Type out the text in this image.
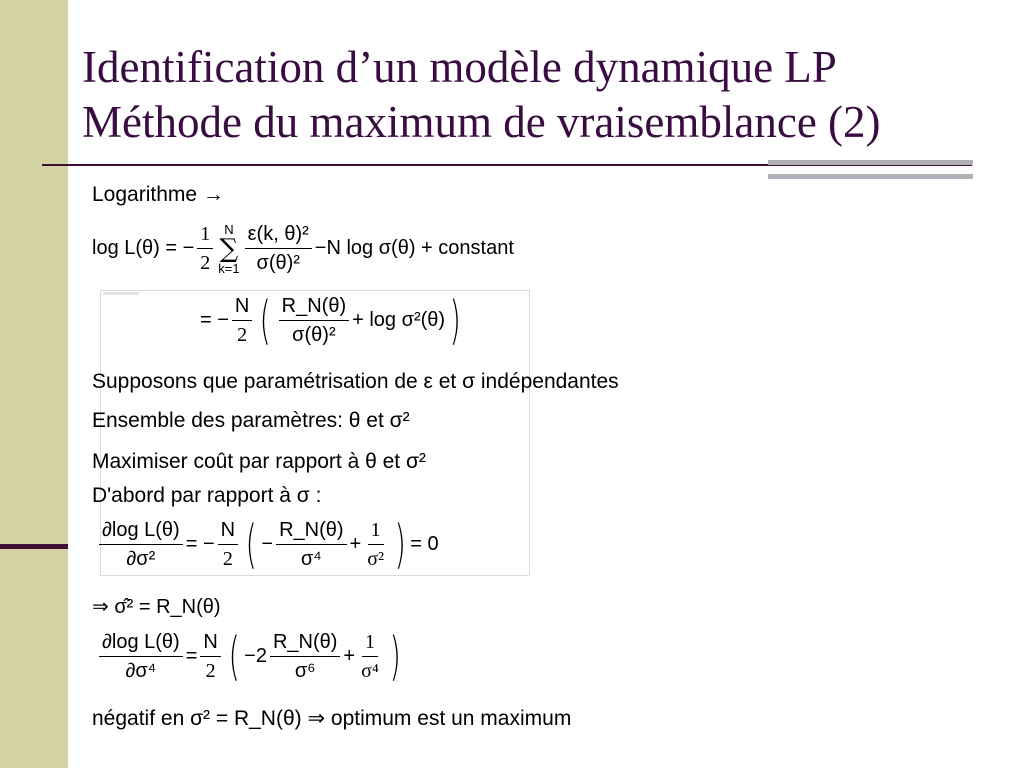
Identification d’un modèle dynamique LP
Méthode du maximum de vraisemblance (2)
Logarithme →
log L(θ) = − $\frac{1}{2}$ N
∑
$k=1 \frac{\text{ε(k, θ)²}}{\text{σ(θ)²}} -N$ log σ(θ) + constant
= − $\frac{N}{2}$ ( $\frac{R\_N(\theta)}{\text{σ(θ)²}} + \log \sigma^2(\theta)$ )
Supposons que paramétrisation de ε et σ indépendantes
Ensemble des paramètres: θ et σ²
Maximiser coût par rapport à θ et σ²
D'abord par rapport à σ :
$\frac{\text{∂log L(θ)}}{\text{∂σ²}}$ = − $\frac{N}{2}$ ( − $\frac{R\_N(\theta)}{\text{σ⁴}} + \frac{1}{\text{σ²}}$ ) = 0
⇒ σ̂² = R_N(θ)
$\frac{\text{∂log L(θ)}}{\text{∂σ⁴}} = \frac{N}{2}$ ( $-2 \frac{R\_N(\theta)}{\text{σ⁶}} + \frac{1}{\text{σ⁴}}$ )
négatif en σ² = R_N(θ) ⇒ optimum est un maximum
